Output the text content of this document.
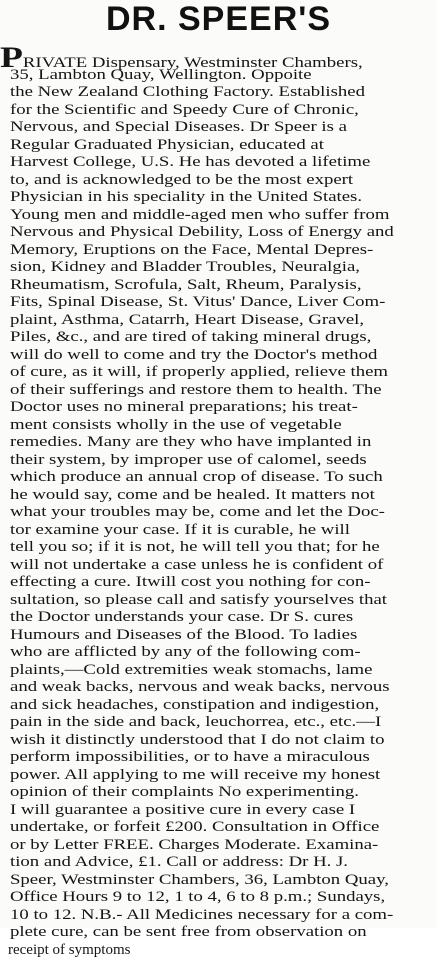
DR. SPEER'S
PRIVATE Dispensary, Westminster Chambers,
35, Lambton Quay, Wellington. Oppoite
the New Zealand Clothing Factory. Established
for the Scientific and Speedy Cure of Chronic,
Nervous, and Special Diseases. Dr Speer is a
Regular Graduated Physician, educated at
Harvest College, U.S. He has devoted a lifetime
to, and is acknowledged to be the most expert
Physician in his speciality in the United States.
Young men and middle-aged men who suffer from
Nervous and Physical Debility, Loss of Energy and
Memory, Eruptions on the Face, Mental Depres-
sion, Kidney and Bladder Troubles, Neuralgia,
Rheumatism, Scrofula, Salt, Rheum, Paralysis,
Fits, Spinal Disease, St. Vitus' Dance, Liver Com-
plaint, Asthma, Catarrh, Heart Disease, Gravel,
Piles, &c., and are tired of taking mineral drugs,
will do well to come and try the Doctor's method
of cure, as it will, if properly applied, relieve them
of their sufferings and restore them to health. The
Doctor uses no mineral preparations; his treat-
ment consists wholly in the use of vegetable
remedies. Many are they who have implanted in
their system, by improper use of calomel, seeds
which produce an annual crop of disease. To such
he would say, come and be healed. It matters not
what your troubles may be, come and let the Doc-
tor examine your case. If it is curable, he will
tell you so; if it is not, he will tell you that; for he
will not undertake a case unless he is confident of
effecting a cure. Itwill cost you nothing for con-
sultation, so please call and satisfy yourselves that
the Doctor understands your case. Dr S. cures
Humours and Diseases of the Blood. To ladies
who are afflicted by any of the following com-
plaints,—Cold extremities weak stomachs, lame
and weak backs, nervous and weak backs, nervous
and sick headaches, constipation and indigestion,
pain in the side and back, leuchorrea, etc., etc.—I
wish it distinctly understood that I do not claim to
perform impossibilities, or to have a miraculous
power. All applying to me will receive my honest
opinion of their complaints No experimenting.
I will guarantee a positive cure in every case I
undertake, or forfeit £200. Consultation in Office
or by Letter FREE. Charges Moderate. Examina-
tion and Advice, £1. Call or address: Dr H. J.
Speer, Westminster Chambers, 36, Lambton Quay,
Office Hours 9 to 12, 1 to 4, 6 to 8 p.m.; Sundays,
10 to 12. N.B.- All Medicines necessary for a com-
plete cure, can be sent free from observation on
receipt of symptoms
